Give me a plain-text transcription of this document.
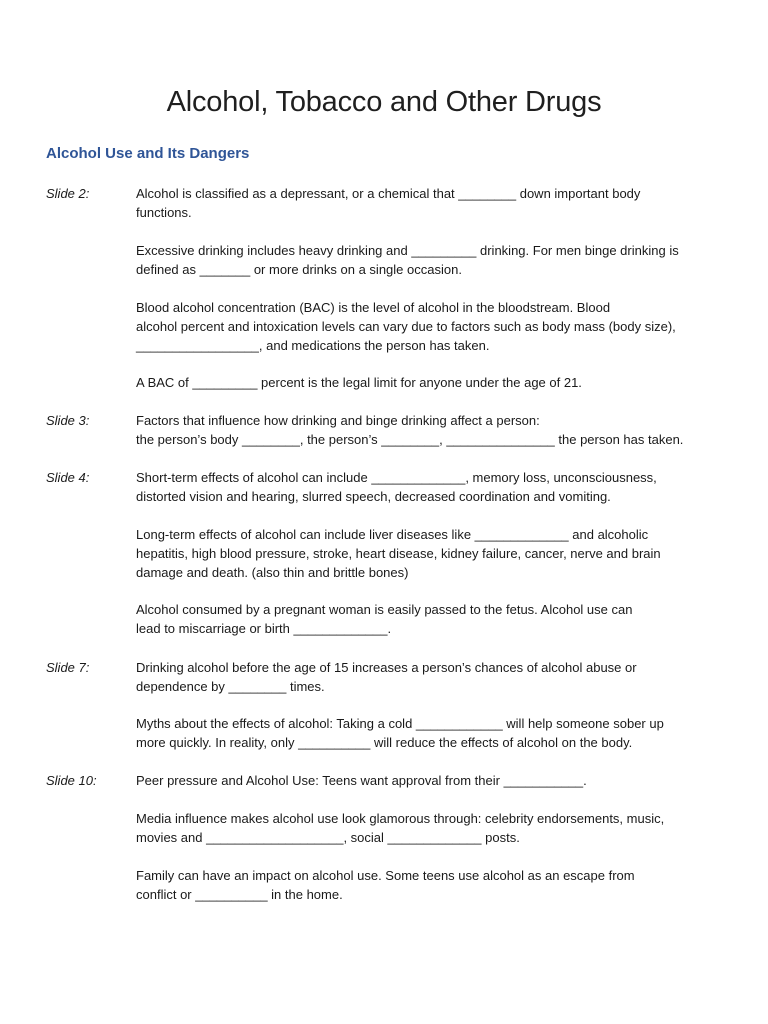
Alcohol, Tobacco and Other Drugs
Alcohol Use and Its Dangers
Slide 2:	Alcohol is classified as a depressant, or a chemical that ________ down important body
functions.

Excessive drinking includes heavy drinking and _________ drinking. For men binge drinking is
defined as _______ or more drinks on a single occasion.

Blood alcohol concentration (BAC) is the level of alcohol in the bloodstream. Blood
alcohol percent and intoxication levels can vary due to factors such as body mass (body size),
_________________, and medications the person has taken.

A BAC of _________ percent is the legal limit for anyone under the age of 21.

Slide 3:	Factors that influence how drinking and binge drinking affect a person:
the person’s body ________, the person’s ________, _______________ the person has taken.

Slide 4:	Short-term effects of alcohol can include _____________, memory loss, unconsciousness,
distorted vision and hearing, slurred speech, decreased coordination and vomiting.

Long-term effects of alcohol can include liver diseases like _____________ and alcoholic
hepatitis, high blood pressure, stroke, heart disease, kidney failure, cancer, nerve and brain
damage and death. (also thin and brittle bones)

Alcohol consumed by a pregnant woman is easily passed to the fetus. Alcohol use can
lead to miscarriage or birth _____________.

Slide 7:	Drinking alcohol before the age of 15 increases a person’s chances of alcohol abuse or
dependence by ________ times.

Myths about the effects of alcohol: Taking a cold ____________ will help someone sober up
more quickly. In reality, only __________ will reduce the effects of alcohol on the body.

Slide 10:	Peer pressure and Alcohol Use: Teens want approval from their ___________.

Media influence makes alcohol use look glamorous through: celebrity endorsements, music,
movies and ___________________, social _____________ posts.

Family can have an impact on alcohol use. Some teens use alcohol as an escape from
conflict or __________ in the home.
